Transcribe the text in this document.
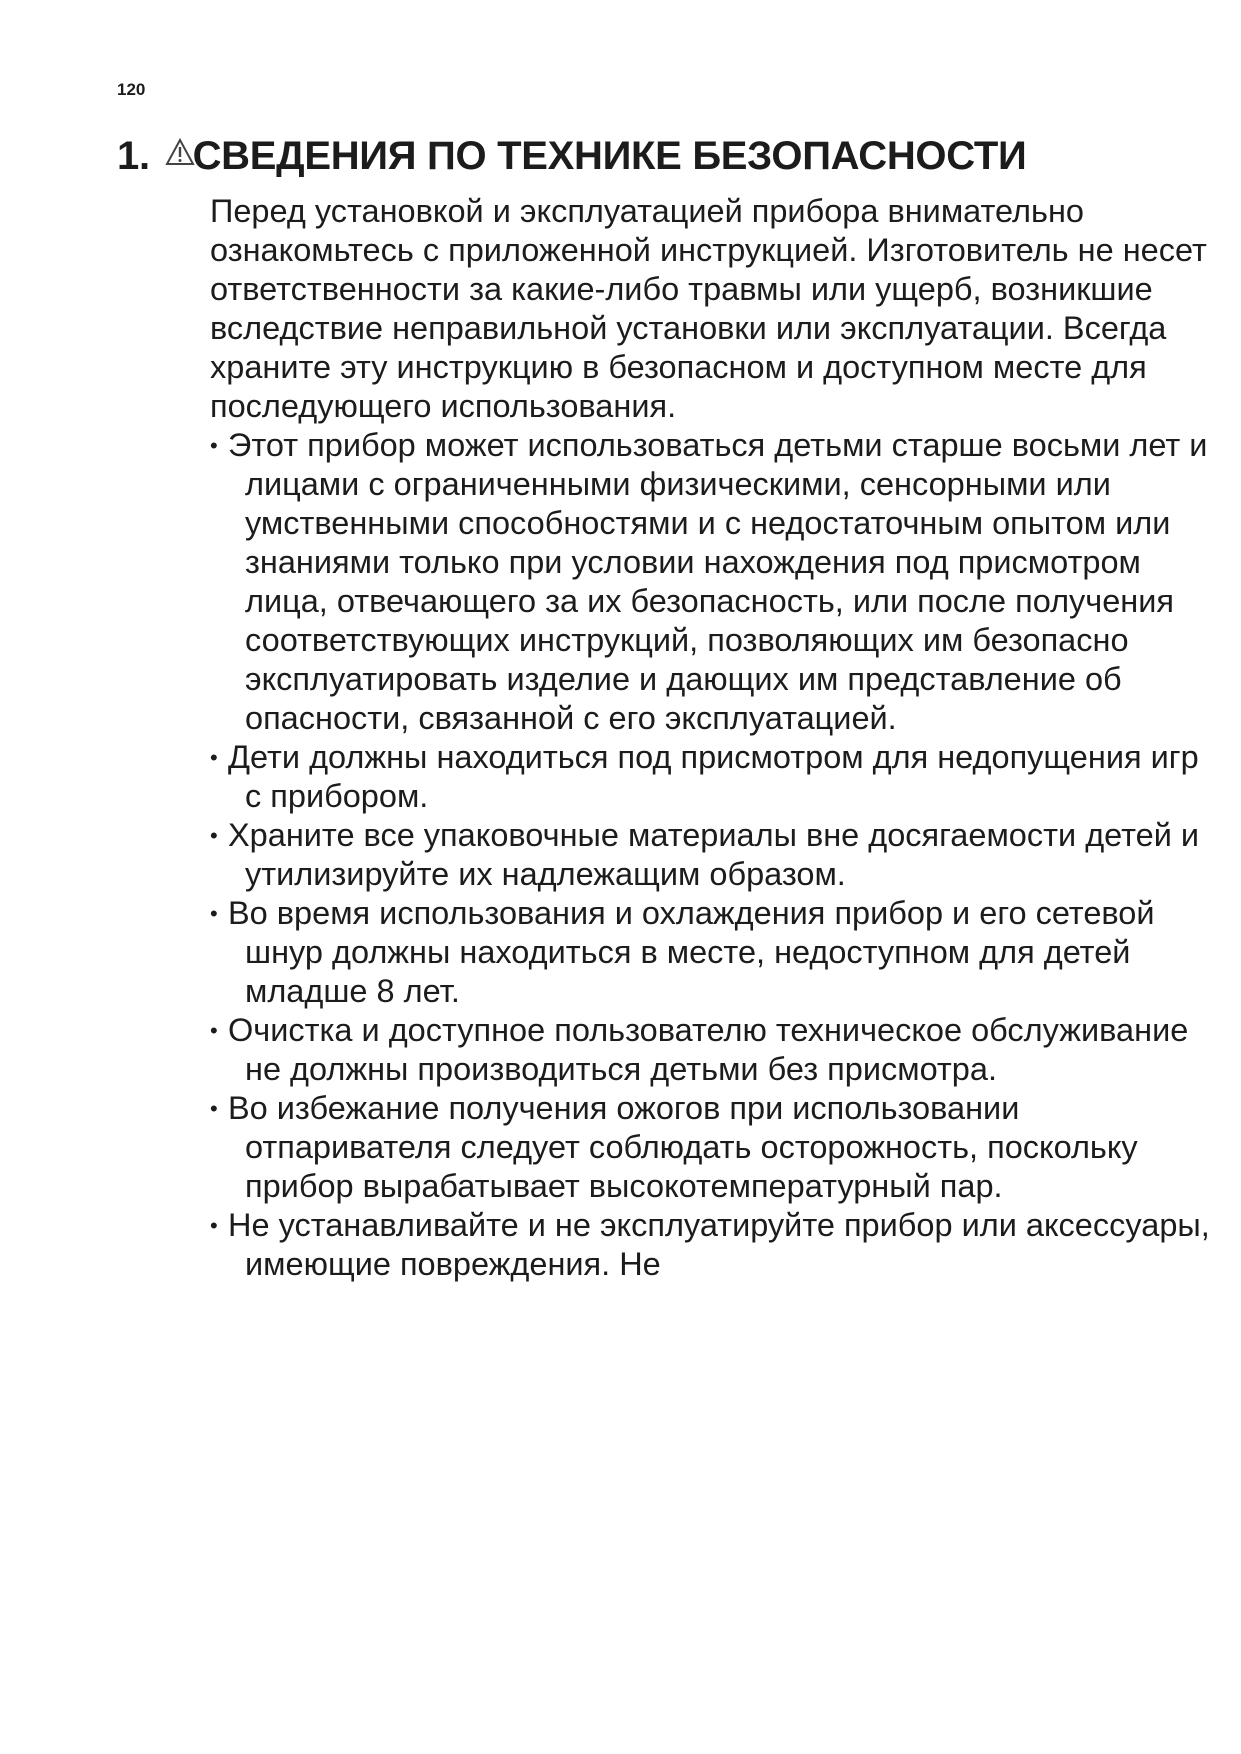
120
1. СВЕДЕНИЯ ПО ТЕХНИКЕ БЕЗОПАСНОСТИ

Перед установкой и эксплуатацией прибора внимательно ознакомьтесь с приложенной инструкцией. Изготовитель не несет ответственности за какие-либо травмы или ущерб, возникшие вследствие неправильной установки или эксплуатации. Всегда храните эту инструкцию в безопасном и доступном месте для последующего использования.

• Этот прибор может использоваться детьми старше восьми лет и лицами с ограниченными физическими, сенсорными или умственными способностями и с недостаточным опытом или знаниями только при условии нахождения под присмотром лица, отвечающего за их безопасность, или после получения соответствующих инструкций, позволяющих им безопасно эксплуатировать изделие и дающих им представление об опасности, связанной с его эксплуатацией.
• Дети должны находиться под присмотром для недопущения игр с прибором.
• Храните все упаковочные материалы вне досягаемости детей и утилизируйте их надлежащим образом.
• Во время использования и охлаждения прибор и его сетевой шнур должны находиться в месте, недоступном для детей младше 8 лет.
• Очистка и доступное пользователю техническое обслуживание не должны производиться детьми без присмотра.
• Во избежание получения ожогов при использовании отпаривателя следует соблюдать осторожность, поскольку прибор вырабатывает высокотемпературный пар.
• Не устанавливайте и не эксплуатируйте прибор или аксессуары, имеющие повреждения. Не
